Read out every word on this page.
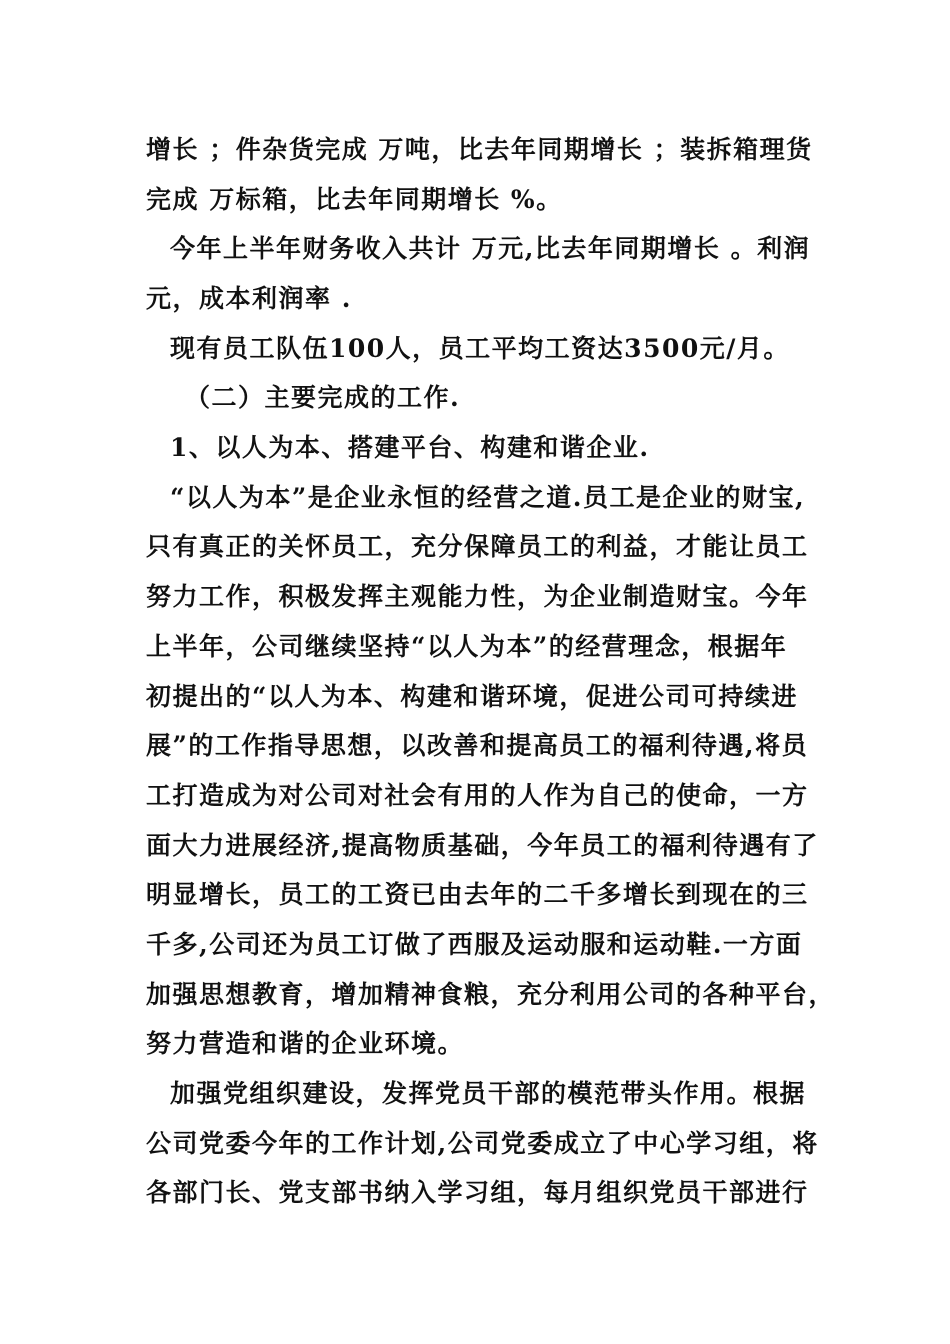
增长 ；件杂货完成 万吨，比去年同期增长 ；装拆箱理货
完成 万标箱，比去年同期增长 %。
今年上半年财务收入共计 万元,比去年同期增长 。利润
元，成本利润率 .
现有员工队伍100人，员工平均工资达3500元/月。
（二）主要完成的工作.
1、以人为本、搭建平台、构建和谐企业.
“以人为本”是企业永恒的经营之道.员工是企业的财宝,
只有真正的关怀员工，充分保障员工的利益，才能让员工
努力工作，积极发挥主观能力性，为企业制造财宝。今年
上半年，公司继续坚持“以人为本”的经营理念，根据年
初提出的“以人为本、构建和谐环境，促进公司可持续进
展”的工作指导思想，以改善和提高员工的福利待遇,将员
工打造成为对公司对社会有用的人作为自己的使命，一方
面大力进展经济,提高物质基础，今年员工的福利待遇有了
明显增长，员工的工资已由去年的二千多增长到现在的三
千多,公司还为员工订做了西服及运动服和运动鞋.一方面
加强思想教育，增加精神食粮，充分利用公司的各种平台，
努力营造和谐的企业环境。
加强党组织建设，发挥党员干部的模范带头作用。根据
公司党委今年的工作计划,公司党委成立了中心学习组，将
各部门长、党支部书纳入学习组，每月组织党员干部进行
